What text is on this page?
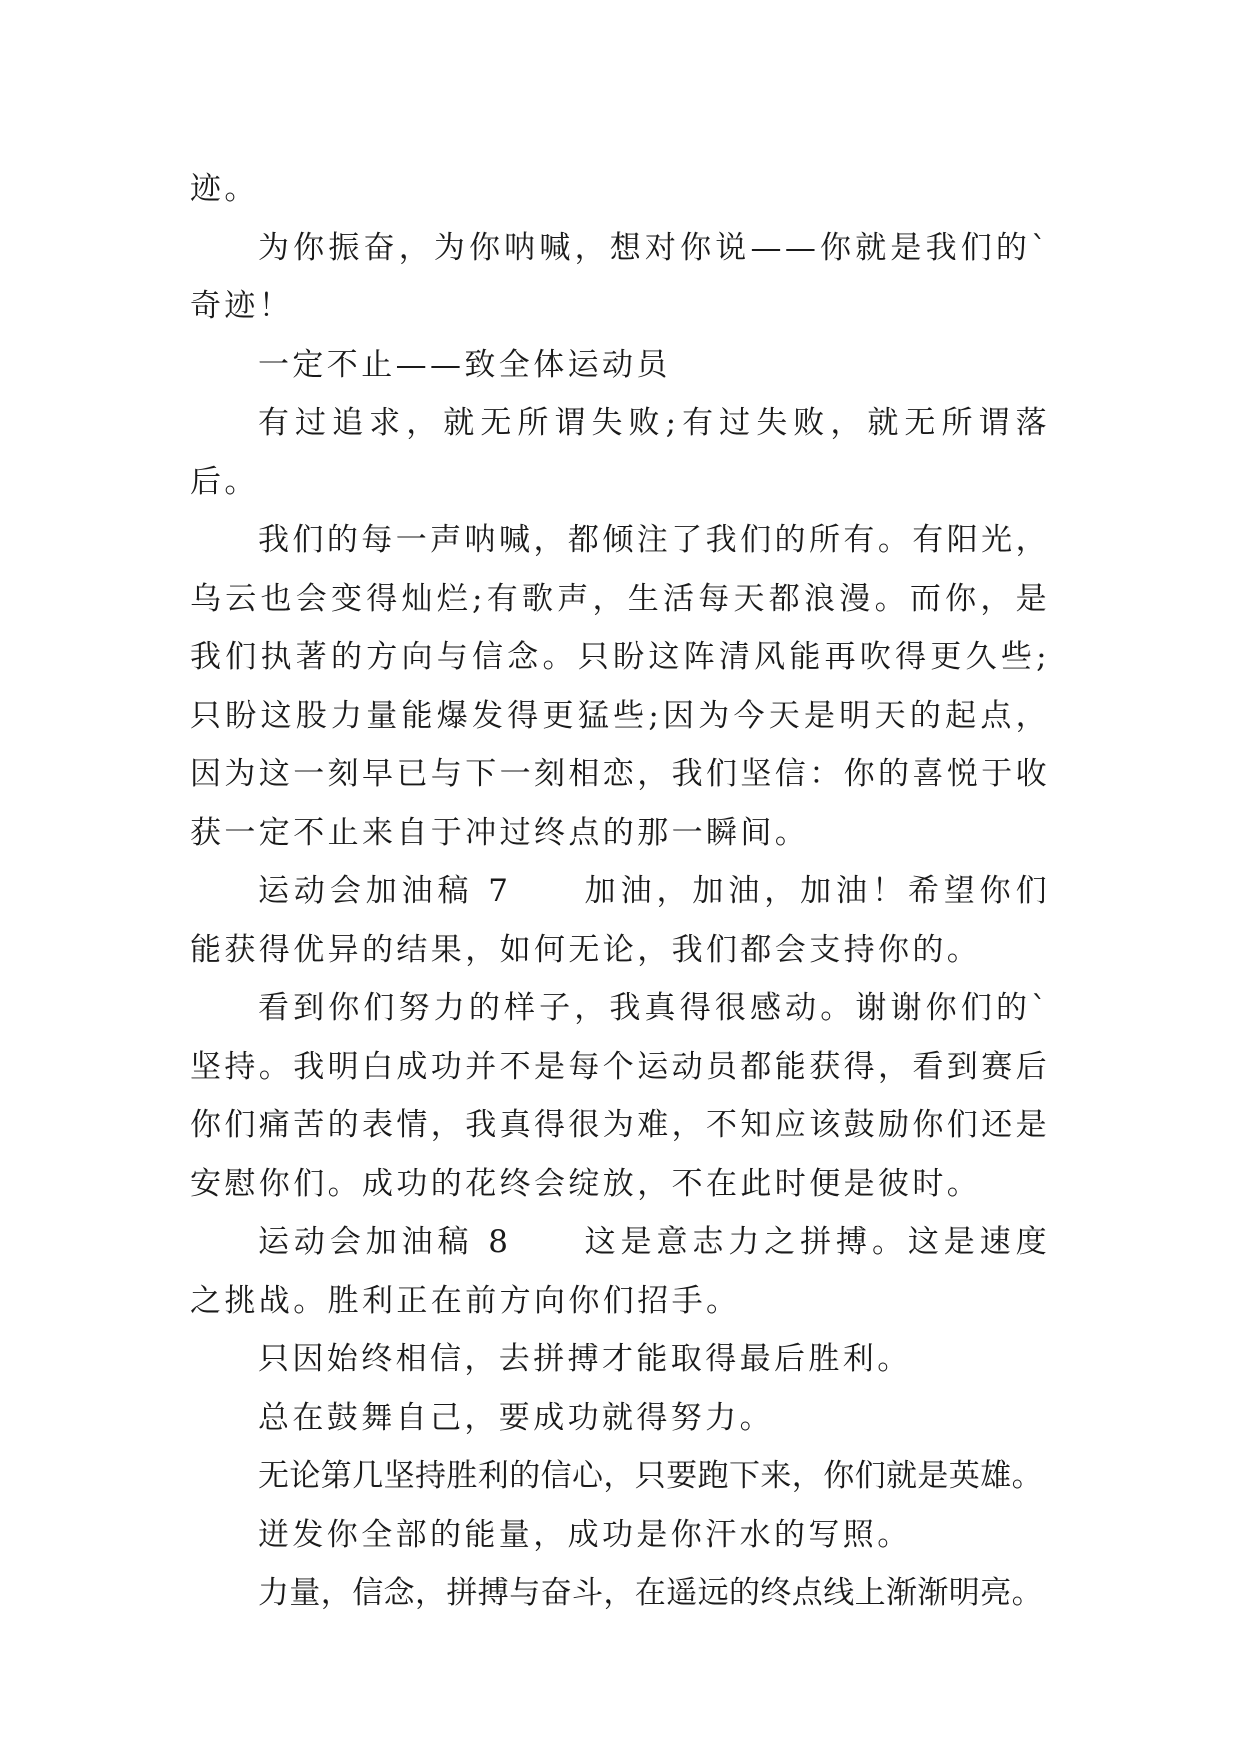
迹。

为你振奋，为你呐喊，想对你说——你就是我们的`奇迹！

一定不止——致全体运动员

有过追求，就无所谓失败;有过失败，就无所谓落后。

我们的每一声呐喊，都倾注了我们的所有。有阳光，乌云也会变得灿烂;有歌声，生活每天都浪漫。而你，是我们执著的方向与信念。只盼这阵清风能再吹得更久些;只盼这股力量能爆发得更猛些;因为今天是明天的起点，因为这一刻早已与下一刻相恋，我们坚信：你的喜悦于收获一定不止来自于冲过终点的那一瞬间。

运动会加油稿 7　　加油，加油，加油！希望你们能获得优异的结果，如何无论，我们都会支持你的。

看到你们努力的样子，我真得很感动。谢谢你们的`坚持。我明白成功并不是每个运动员都能获得，看到赛后你们痛苦的表情，我真得很为难，不知应该鼓励你们还是安慰你们。成功的花终会绽放，不在此时便是彼时。

运动会加油稿 8　　这是意志力之拼搏。这是速度之挑战。胜利正在前方向你们招手。

只因始终相信，去拼搏才能取得最后胜利。

总在鼓舞自己，要成功就得努力。

无论第几坚持胜利的信心，只要跑下来，你们就是英雄。

迸发你全部的能量，成功是你汗水的写照。

力量，信念，拼搏与奋斗，在遥远的终点线上渐渐明亮。
